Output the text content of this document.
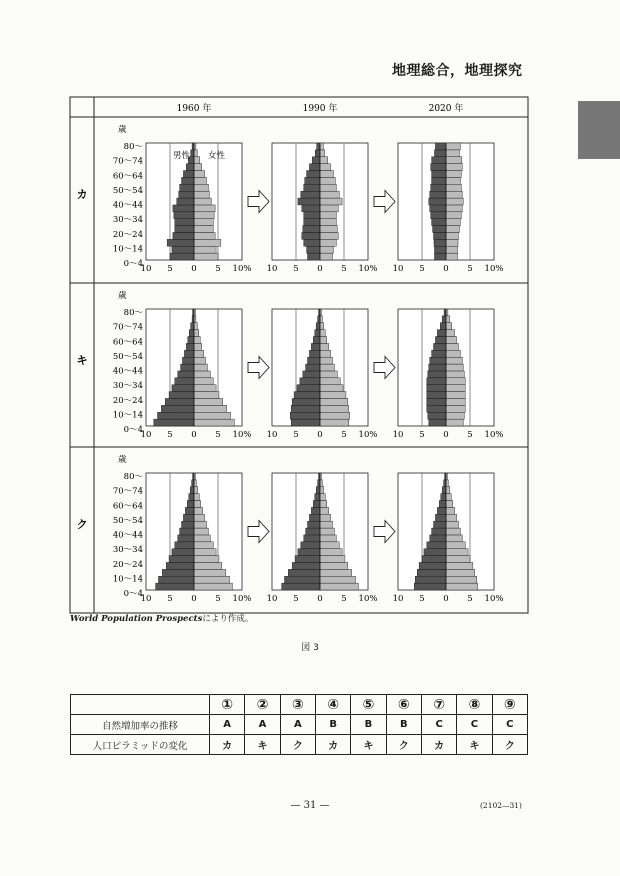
地理総合，地理探究
1960 年	1990 年	2020 年
カ
歳
80～
70～74
60～64
50～54
40～44
30～34
20～24
10～14
0～4
10 5 0 5 10%
男性 女性
10 5 0 5 10% 10 5 0 5 10%
キ
歳
80～
70～74
60～64
50～54
40～44
30～34
20～24
10～14
0～4
10 5 0 5 10% 10 5 0 5 10% 10 5 0 5 10%
ク
歳
80～
70～74
60～64
50～54
40～44
30～34
20～24
10～14
0～4
10 5 0 5 10% 10 5 0 5 10% 10 5 0 5 10%
World Population Prospectsにより作成。
図 3
	①	②	③	④	⑤	⑥	⑦	⑧	⑨
自然増加率の推移	A	A	A	B	B	B	C	C	C
人口ピラミッドの変化	カ	キ	ク	カ	キ	ク	カ	キ	ク
— 31 —	(2102—31)
